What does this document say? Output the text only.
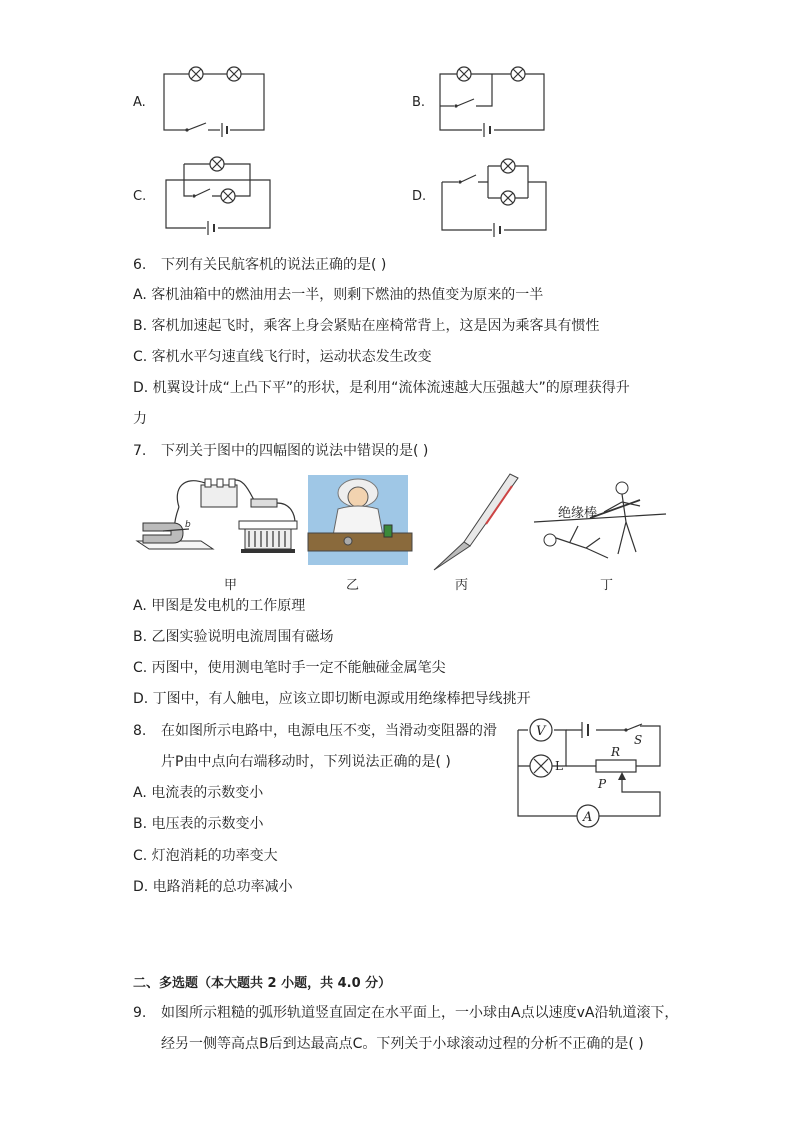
A.	B.
C.	D.
6. 下列有关民航客机的说法正确的是( )
A. 客机油箱中的燃油用去一半，则剩下燃油的热值变为原来的一半
B. 客机加速起飞时，乘客上身会紧贴在座椅常背上，这是因为乘客具有惯性
C. 客机水平匀速直线飞行时，运动状态发生改变
D. 机翼设计成“上凸下平”的形状，是利用“流体流速越大压强越大”的原理获得升
力
7. 下列关于图中的四幅图的说法中错误的是( )
b
甲	乙	丙
绝缘棒
丁
A. 甲图是发电机的工作原理
B. 乙图实验说明电流周围有磁场
C. 丙图中，使用测电笔时手一定不能触碰金属笔尖
D. 丁图中，有人触电，应该立即切断电源或用绝缘棒把导线挑开
8. 在如图所示电路中，电源电压不变，当滑动变阻器的滑
片P由中点向右端移动时，下列说法正确的是( )
A. 电流表的示数变小
B. 电压表的示数变小
C. 灯泡消耗的功率变大
D. 电路消耗的总功率减小
V
L
R
P
S
A
二、多选题（本大题共 2 小题，共 4.0 分）
9. 如图所示粗糙的弧形轨道竖直固定在水平面上，一小球由A点以速度vA沿轨道滚下，
经另一侧等高点B后到达最高点C。下列关于小球滚动过程的分析不正确的是( )
